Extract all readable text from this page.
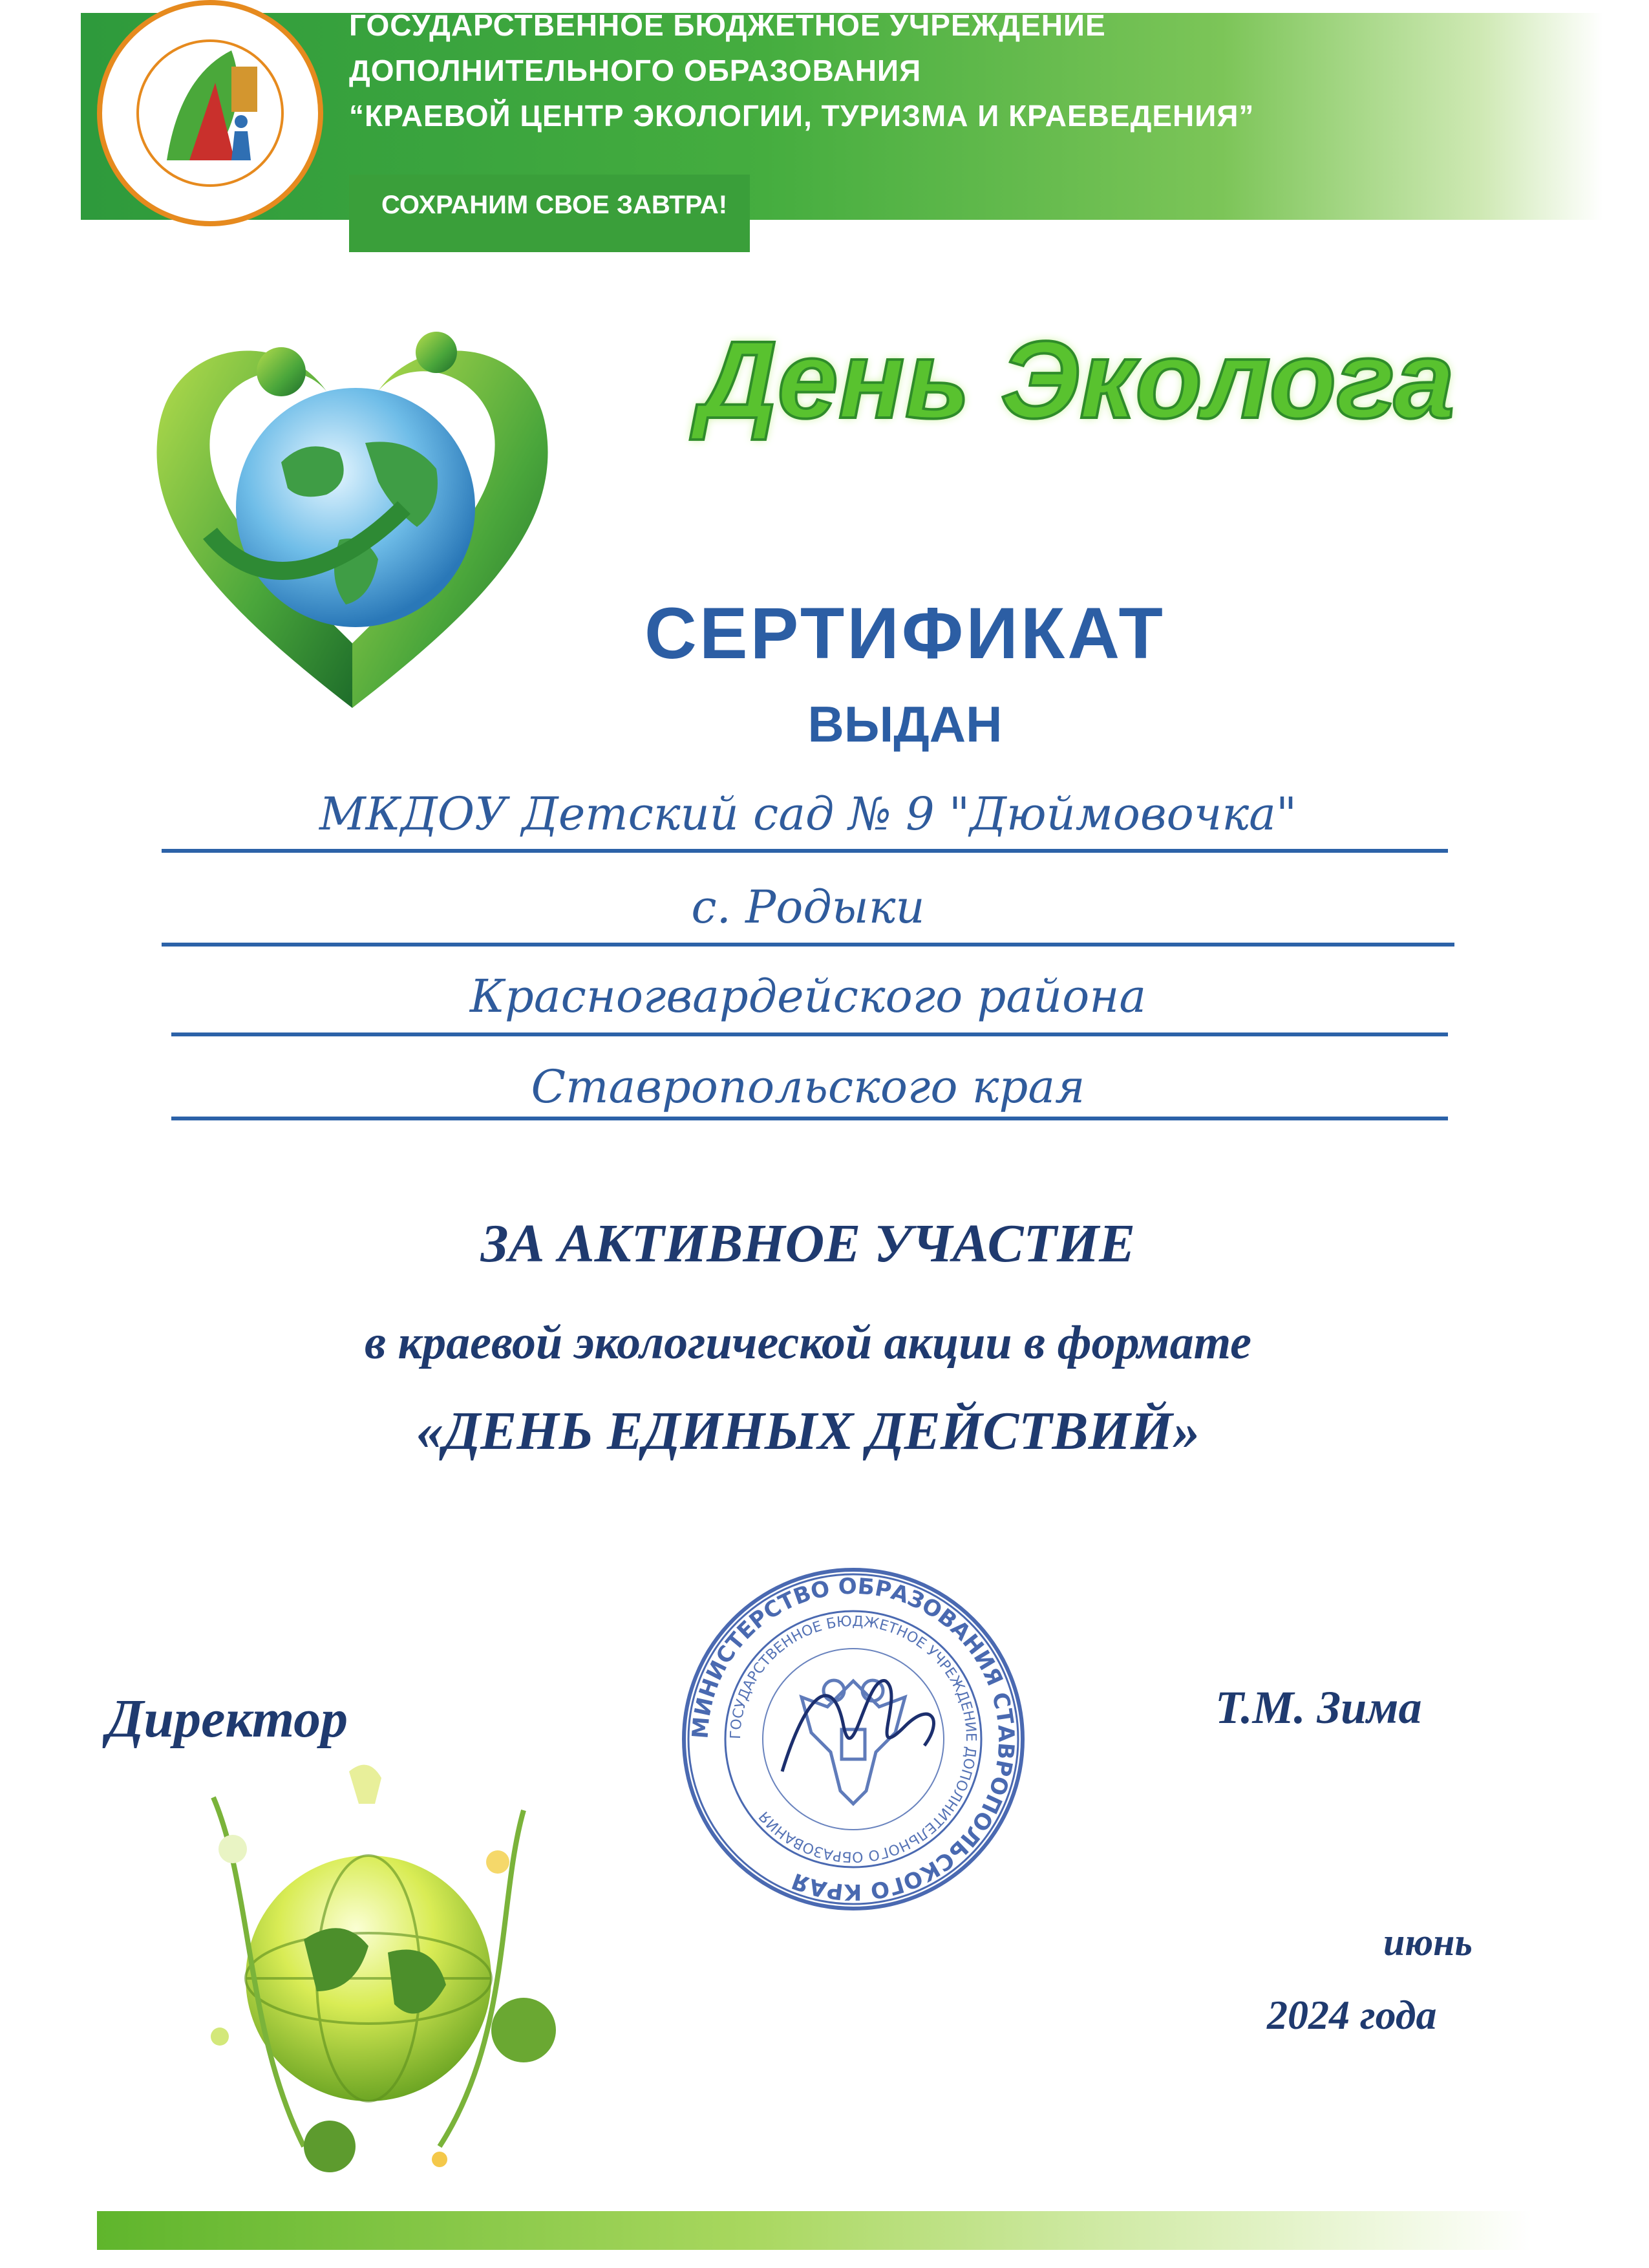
ГОСУДАРСТВЕННОЕ БЮДЖЕТНОЕ УЧРЕЖДЕНИЕ
ДОПОЛНИТЕЛЬНОГО ОБРАЗОВАНИЯ
“КРАЕВОЙ ЦЕНТР ЭКОЛОГИИ, ТУРИЗМА И КРАЕВЕДЕНИЯ”
СОХРАНИМ СВОЕ ЗАВТРА!
День Эколога
СЕРТИФИКАТ
ВЫДАН
МКДОУ Детский сад № 9 "Дюймовочка"
с. Родыки
Красногвардейского района
Ставропольского края
ЗА АКТИВНОЕ УЧАСТИЕ
в краевой экологической акции в формате
«ДЕНЬ ЕДИНЫХ ДЕЙСТВИЙ»
МИНИСТЕРСТВО ОБРАЗОВАНИЯ СТАВРОПОЛЬСКОГО КРАЯ
ГОСУДАРСТВЕННОЕ БЮДЖЕТНОЕ УЧРЕЖДЕНИЕ ДОПОЛНИТЕЛЬНОГО ОБРАЗОВАНИЯ
Директор	Т.М. Зима
июнь
2024 года
